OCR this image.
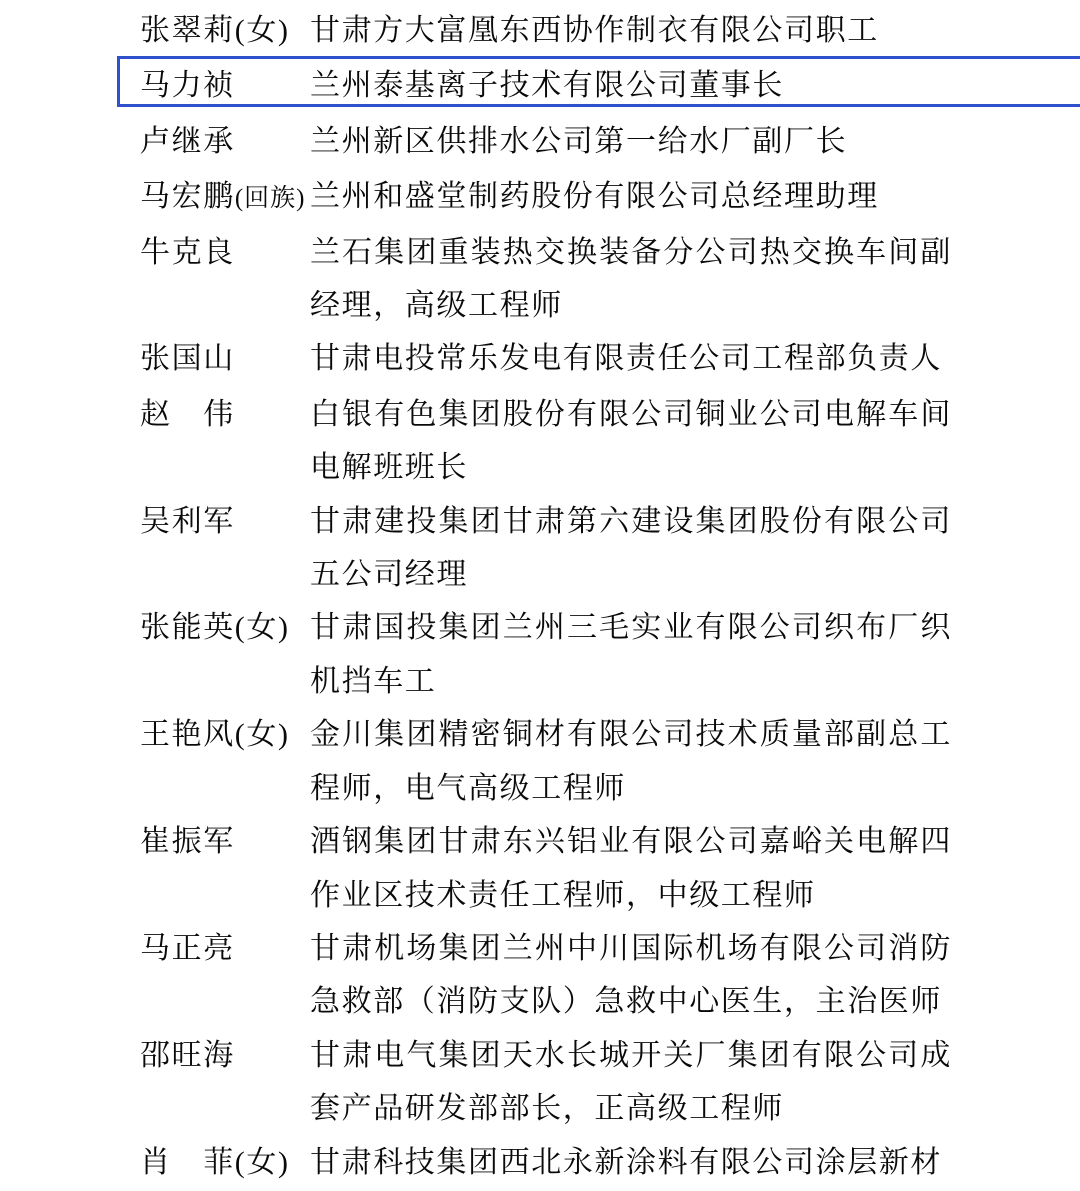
张翠莉(女) 甘肃方大富凰东西协作制衣有限公司职工
马力祯	兰州泰基离子技术有限公司董事长
卢继承	兰州新区供排水公司第一给水厂副厂长
马宏鹏(回族) 兰州和盛堂制药股份有限公司总经理助理
牛克良	兰石集团重装热交换装备分公司热交换车间副经理，高级工程师
张国山	甘肃电投常乐发电有限责任公司工程部负责人
赵　伟	白银有色集团股份有限公司铜业公司电解车间电解班班长
吴利军	甘肃建投集团甘肃第六建设集团股份有限公司五公司经理
张能英(女) 甘肃国投集团兰州三毛实业有限公司织布厂织机挡车工
王艳风(女) 金川集团精密铜材有限公司技术质量部副总工程师，电气高级工程师
崔振军	酒钢集团甘肃东兴铝业有限公司嘉峪关电解四作业区技术责任工程师，中级工程师
马正亮	甘肃机场集团兰州中川国际机场有限公司消防急救部（消防支队）急救中心医生，主治医师
邵旺海	甘肃电气集团天水长城开关厂集团有限公司成套产品研发部部长，正高级工程师
肖　菲(女) 甘肃科技集团西北永新涂料有限公司涂层新材
